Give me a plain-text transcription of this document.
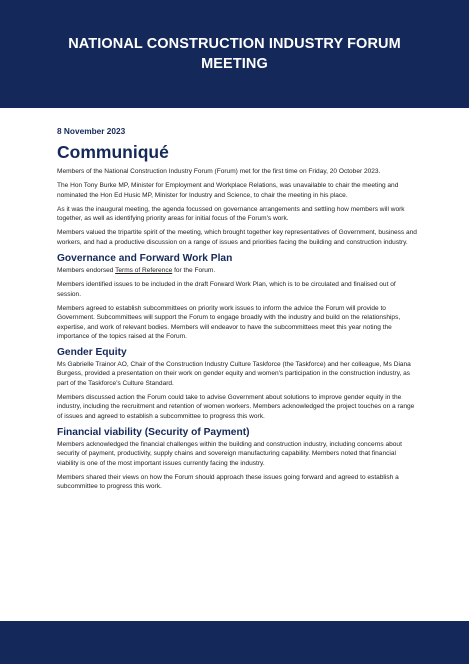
NATIONAL CONSTRUCTION INDUSTRY FORUM MEETING
8 November 2023
Communiqué

Members of the National Construction Industry Forum (Forum) met for the first time on Friday, 20 October 2023.

The Hon Tony Burke MP, Minister for Employment and Workplace Relations, was unavailable to chair the meeting and nominated the Hon Ed Husic MP, Minister for Industry and Science, to chair the meeting in his place.

As it was the inaugural meeting, the agenda focussed on governance arrangements and settling how members will work together, as well as identifying priority areas for initial focus of the Forum's work.

Members valued the tripartite spirit of the meeting, which brought together key representatives of Government, business and workers, and had a productive discussion on a range of issues and priorities facing the building and construction industry.

Governance and Forward Work Plan

Members endorsed Terms of Reference for the Forum.

Members identified issues to be included in the draft Forward Work Plan, which is to be circulated and finalised out of session.

Members agreed to establish subcommittees on priority work issues to inform the advice the Forum will provide to Government. Subcommittees will support the Forum to engage broadly with the industry and build on the relationships, expertise, and work of relevant bodies. Members will endeavor to have the subcommittees meet this year noting the importance of the topics raised at the Forum.

Gender Equity

Ms Gabrielle Trainor AO, Chair of the Construction Industry Culture Taskforce (the Taskforce) and her colleague, Ms Diana Burgess, provided a presentation on their work on gender equity and women's participation in the construction industry, as part of the Taskforce's Culture Standard.

Members discussed action the Forum could take to advise Government about solutions to improve gender equity in the industry, including the recruitment and retention of women workers. Members acknowledged the project touches on a range of issues and agreed to establish a subcommittee to progress this work.

Financial viability (Security of Payment)

Members acknowledged the financial challenges within the building and construction industry, including concerns about security of payment, productivity, supply chains and sovereign manufacturing capability. Members noted that financial viability is one of the most important issues currently facing the industry.

Members shared their views on how the Forum should approach these issues going forward and agreed to establish a subcommittee to progress this work.
